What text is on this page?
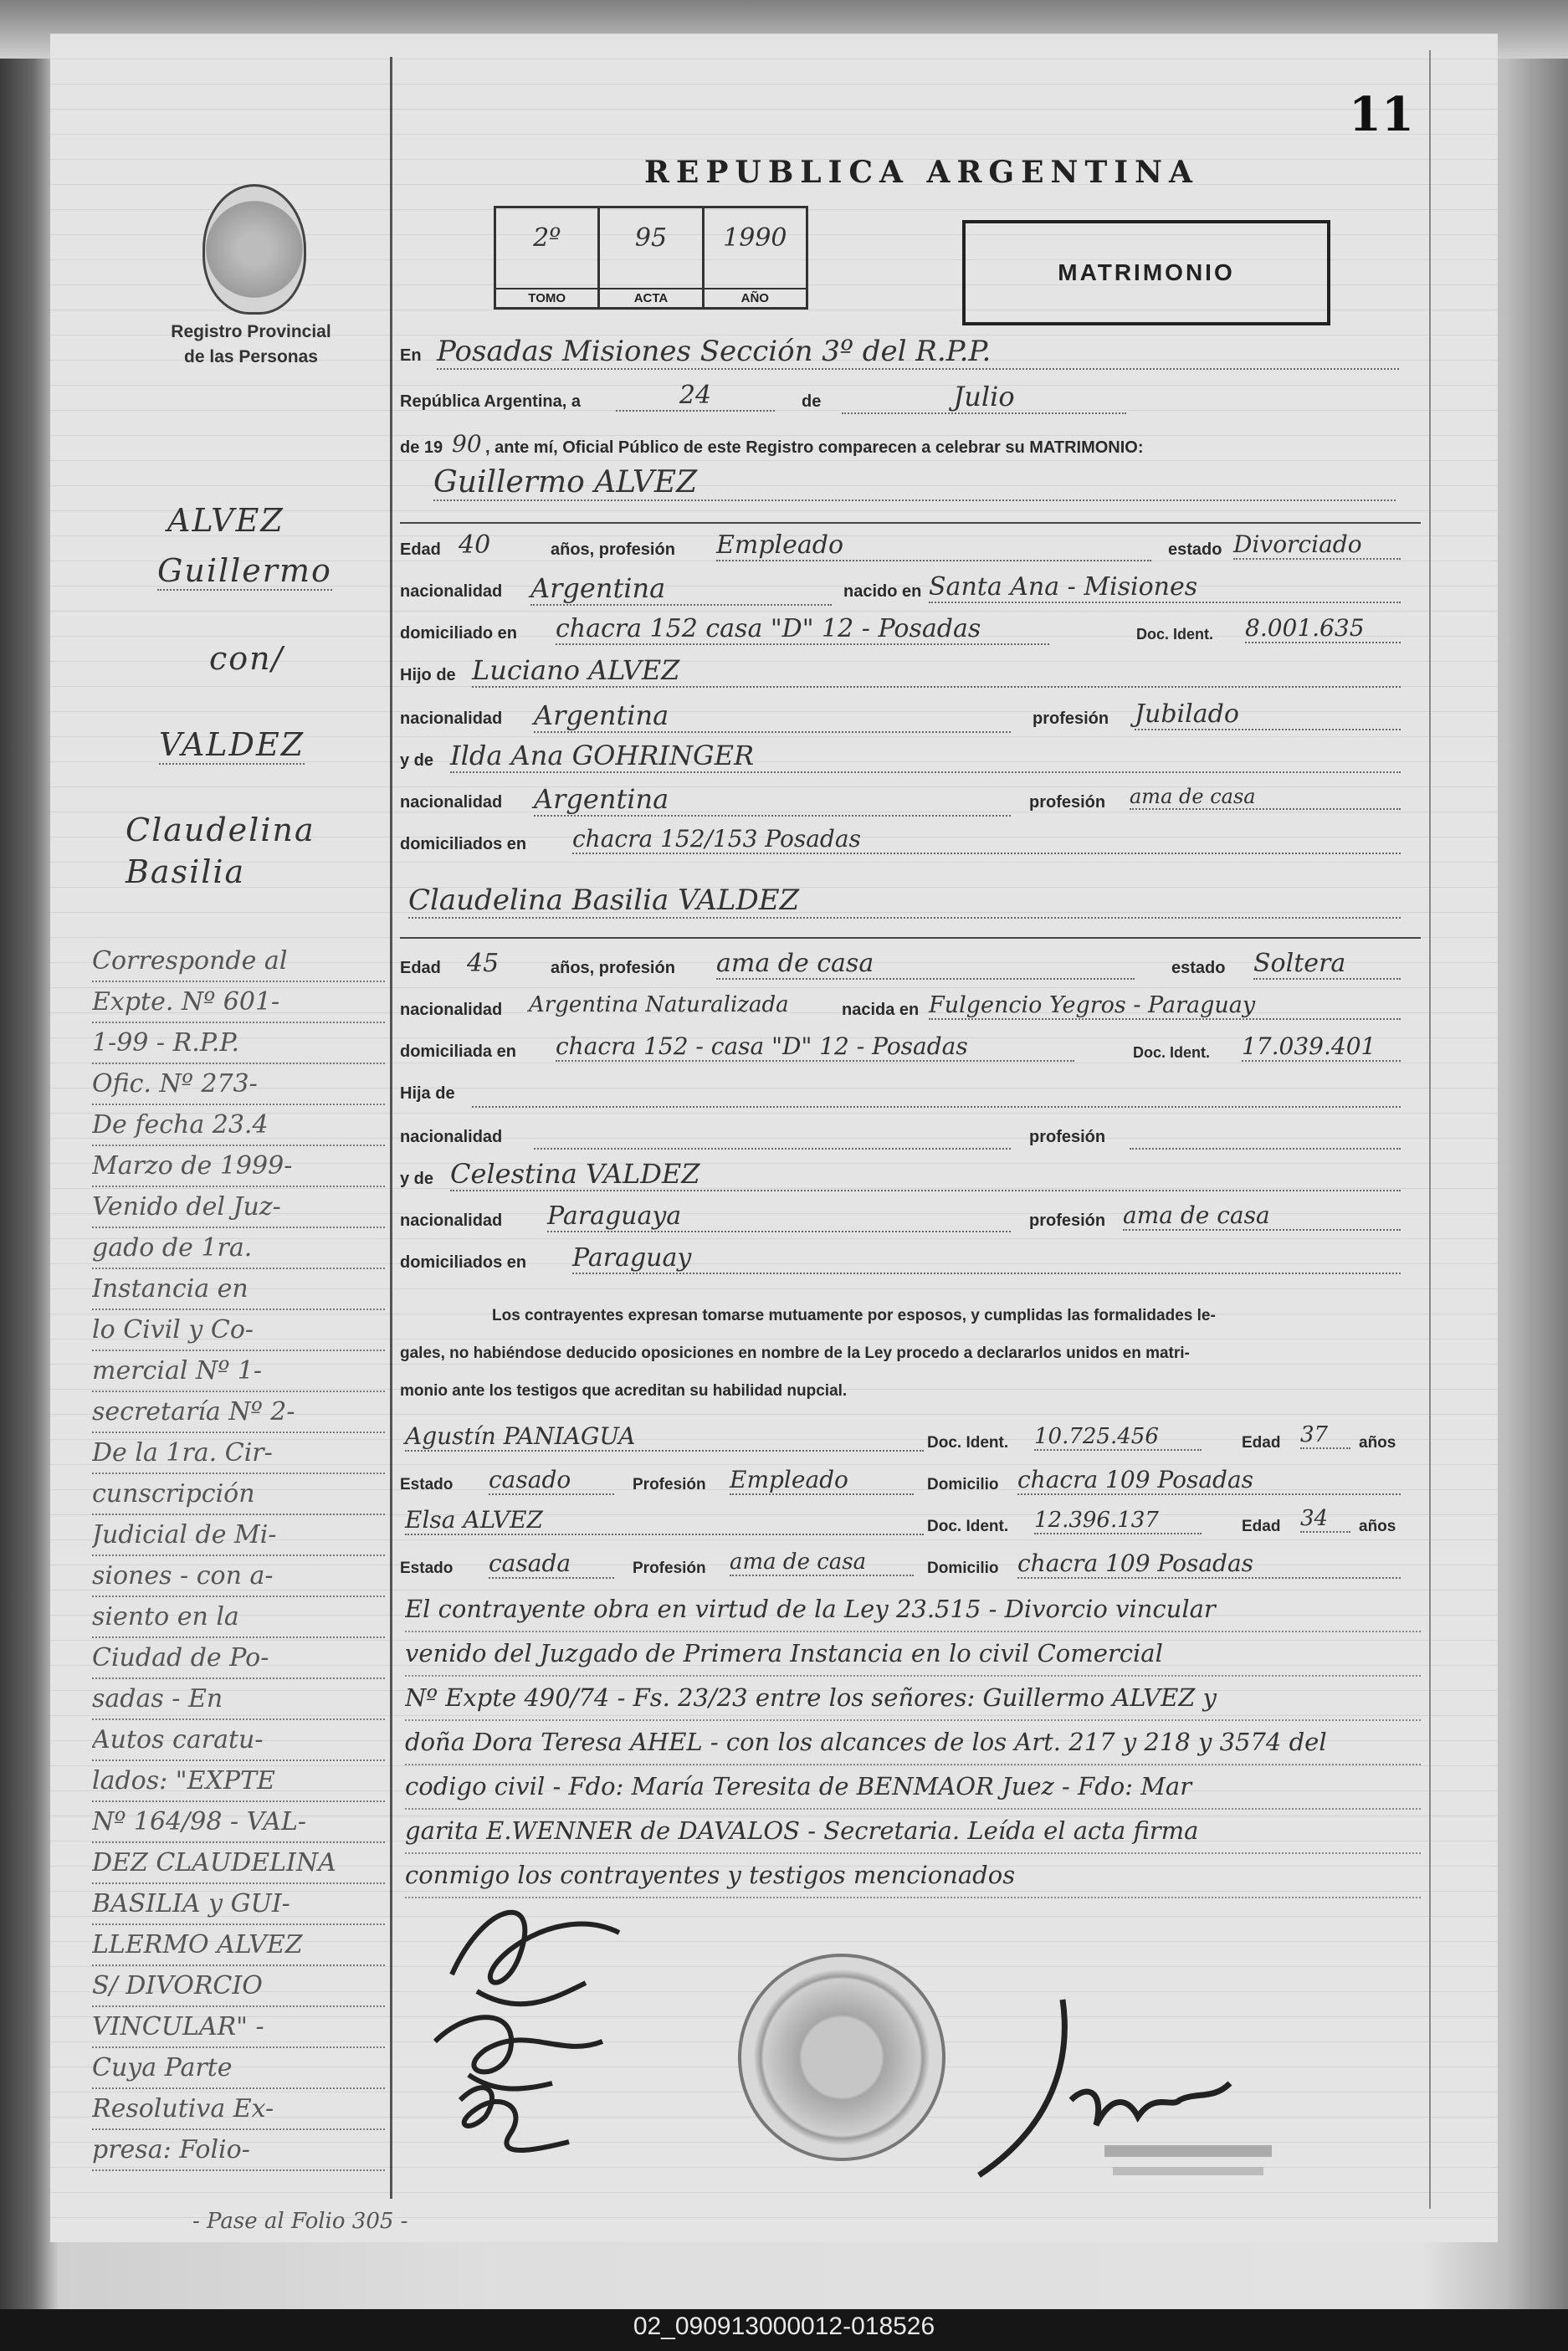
11
REPUBLICA ARGENTINA
Registro Provincial
de las Personas
2º
TOMO
95
ACTA
1990
AÑO
MATRIMONIO
ALVEZ
Guillermo
con/
VALDEZ
Claudelina
Basilia
Corresponde al
Expte. Nº 601-
1-99 - R.P.P.
Ofic. Nº 273-
De fecha 23.4
Marzo de 1999-
Venido del Juz-
gado de 1ra.
Instancia en
lo Civil y Co-
mercial Nº 1-
secretaría Nº 2-
De la 1ra. Cir-
cunscripción
Judicial de Mi-
siones - con a-
siento en la
Ciudad de Po-
sadas - En
Autos caratu-
lados: "EXPTE
Nº 164/98 - VAL-
DEZ CLAUDELINA
BASILIA y GUI-
LLERMO ALVEZ
S/ DIVORCIO
VINCULAR" -
Cuya Parte
Resolutiva Ex-
presa: Folio-
- Pase al Folio 305 -
En Posadas Misiones Sección 3º del R.P.P.
República Argentina, a	24	de	Julio
de 19 90 , ante mí, Oficial Público de este Registro comparecen a celebrar su MATRIMONIO:
Guillermo ALVEZ
Edad 40	años, profesión Empleado	estado Divorciado
nacionalidad Argentina	nacido en Santa Ana - Misiones
domiciliado en chacra 152 casa "D" 12 - Posadas	Doc. Ident. 8.001.635
Hijo de Luciano ALVEZ
nacionalidad Argentina	profesión Jubilado
y de Ilda Ana GOHRINGER
nacionalidad Argentina	profesión ama de casa
domiciliados en chacra 152/153 Posadas
Claudelina Basilia VALDEZ
Edad 45	años, profesión ama de casa	estado Soltera
nacionalidad Argentina Naturalizada	nacida en Fulgencio Yegros - Paraguay
domiciliada en chacra 152 - casa "D" 12 - Posadas	Doc. Ident. 17.039.401
Hija de
nacionalidad	profesión
y de Celestina VALDEZ
nacionalidad Paraguaya	profesión ama de casa
domiciliados en Paraguay
Los contrayentes expresan tomarse mutuamente por esposos, y cumplidas las formalidades le-
gales, no habiéndose deducido oposiciones en nombre de la Ley procedo a declararlos unidos en matri-
monio ante los testigos que acreditan su habilidad nupcial.
Agustín PANIAGUA	Doc. Ident. 10.725.456	Edad 37	años
Estado casado	Profesión Empleado	Domicilio chacra 109 Posadas
Elsa ALVEZ	Doc. Ident. 12.396.137	Edad 34	años
Estado casada	Profesión ama de casa	Domicilio chacra 109 Posadas
El contrayente obra en virtud de la Ley 23.515 - Divorcio vincular
venido del Juzgado de Primera Instancia en lo civil Comercial
Nº Expte 490/74 - Fs. 23/23 entre los señores: Guillermo ALVEZ y
doña Dora Teresa AHEL - con los alcances de los Art. 217 y 218 y 3574 del
codigo civil - Fdo: María Teresita de BENMAOR Juez - Fdo: Mar
garita E.WENNER de DAVALOS - Secretaria. Leída el acta firma
conmigo los contrayentes y testigos mencionados
02_090913000012-018526
